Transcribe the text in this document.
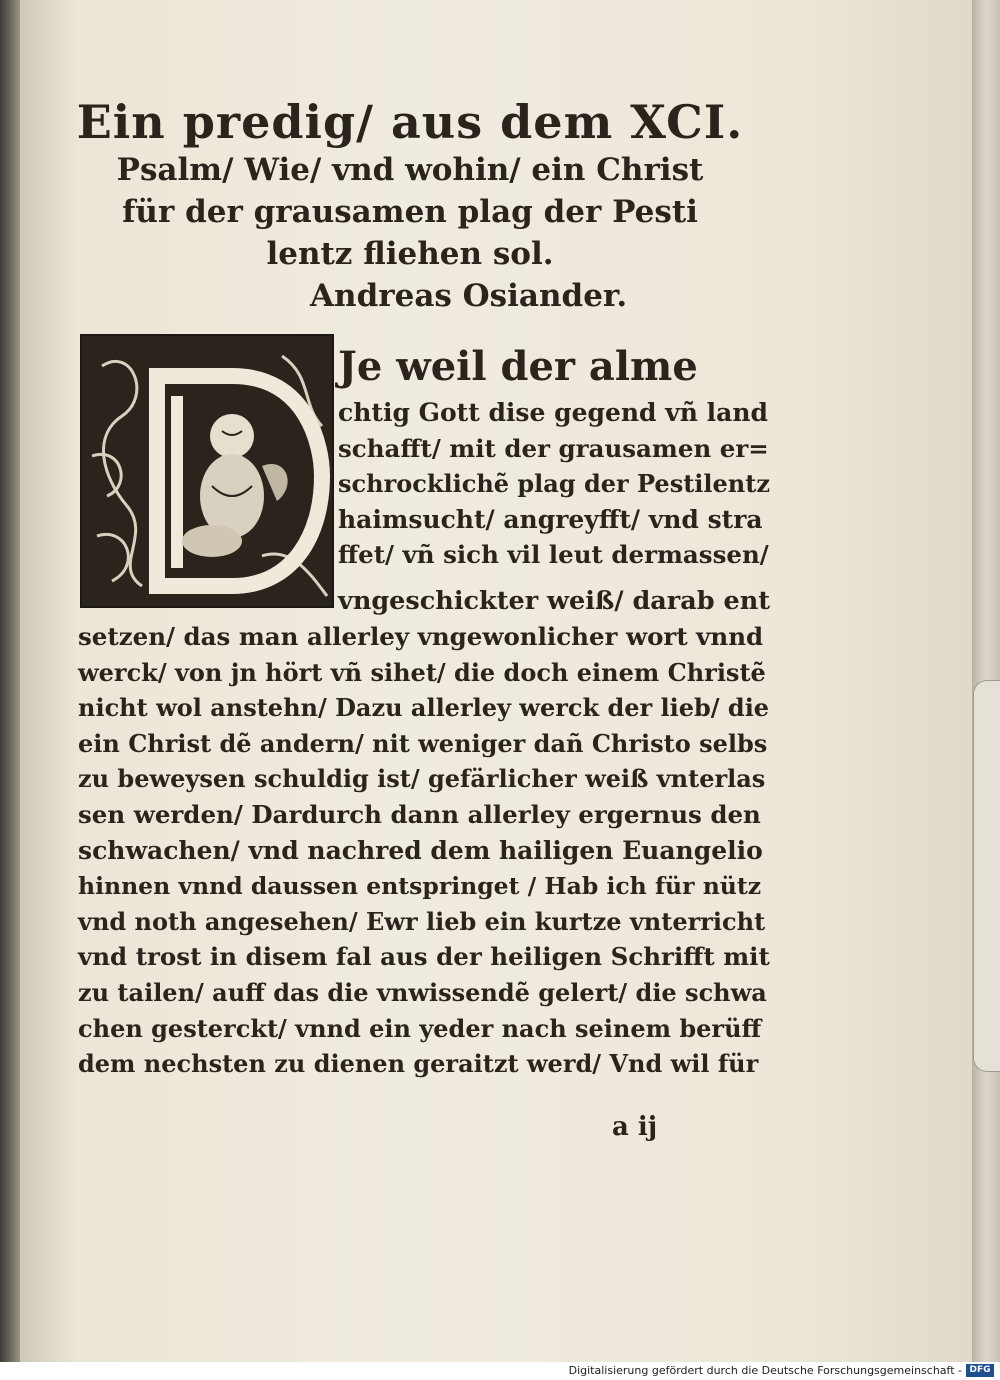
Ein predig/ aus dem XCI.
Psalm/ Wie/ vnd wohin/ ein Christ
für der grausamen plag der Pesti
lentz fliehen sol.
Andreas Osiander.
Je weil der alme
chtig Gott dise gegend vñ land
schafft/ mit der grausamen er=
schrocklichẽ plag der Pestilentz
haimsucht/ angreyfft/ vnd stra
ffet/ vñ sich vil leut dermassen/
vngeschickter weiß/ darab ent
setzen/ das man allerley vngewonlicher wort vnnd
werck/ von jn hört vñ sihet/ die doch einem Christẽ
nicht wol anstehn/ Dazu allerley werck der lieb/ die
ein Christ dẽ andern/ nit weniger dañ Christo selbs
zu beweysen schuldig ist/ gefärlicher weiß vnterlas
sen werden/ Dardurch dann allerley ergernus den
schwachen/ vnd nachred dem hailigen Euangelio
hinnen vnnd daussen entspringet / Hab ich für nütz
vnd noth angesehen/ Ewr lieb ein kurtze vnterricht
vnd trost in disem fal aus der heiligen Schrifft mit
zu tailen/ auff das die vnwissendẽ gelert/ die schwa
chen gesterckt/ vnnd ein yeder nach seinem berüff
dem nechsten zu dienen geraitzt werd/ Vnd wil für
a ij
Digitalisierung gefördert durch die Deutsche Forschungsgemeinschaft - DFG
